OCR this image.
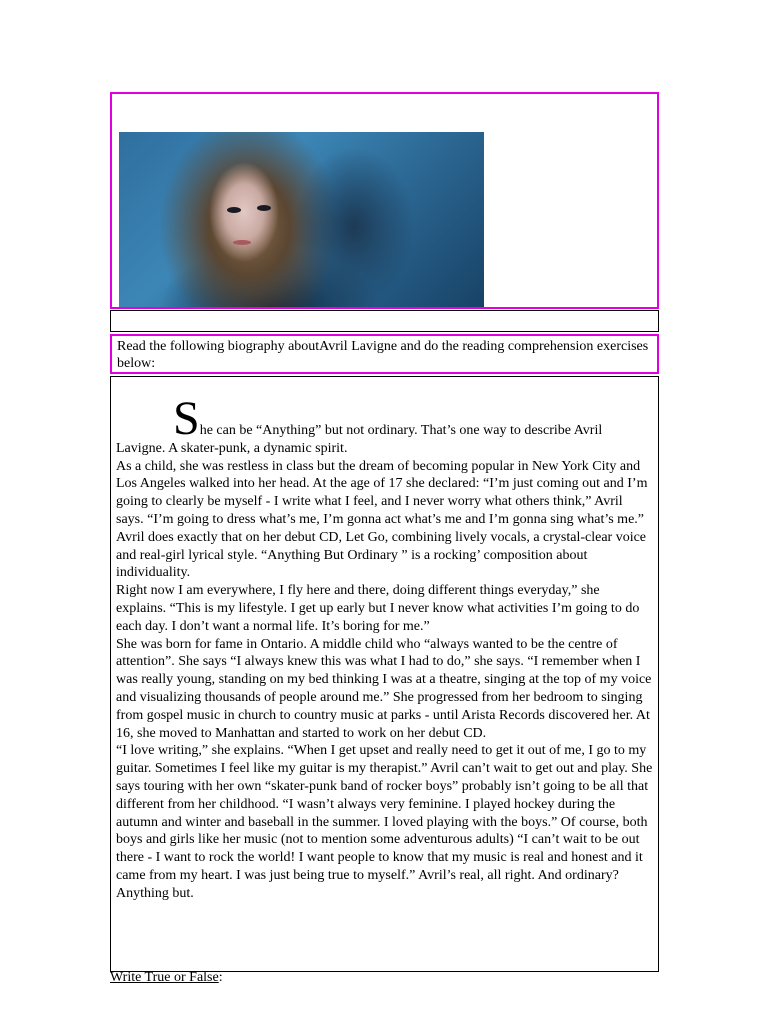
Read the following biography aboutAvril Lavigne and do the reading comprehension exercises below:

She can be “Anything” but not ordinary. That’s one way to describe Avril Lavigne. A skater-punk, a dynamic spirit.

As a child, she was restless in class but the dream of becoming popular in New York City and Los Angeles walked into her head. At the age of 17 she declared: “I’m just coming out and I’m going to clearly be myself - I write what I feel, and I never worry what others think,” Avril says. “I’m going to dress what’s me, I’m gonna act what’s me and I’m gonna sing what’s me.” Avril does exactly that on her debut CD, Let Go, combining lively vocals, a crystal-clear voice and real-girl lyrical style. “Anything But Ordinary ” is a rocking’ composition about individuality.

Right now I am everywhere, I fly here and there, doing different things everyday,” she explains. “This is my lifestyle. I get up early but I never know what activities I’m going to do each day. I don’t want a normal life. It’s boring for me.”

She was born for fame in Ontario. A middle child who “always wanted to be the centre of attention”. She says “I always knew this was what I had to do,” she says. “I remember when I was really young, standing on my bed thinking I was at a theatre, singing at the top of my voice and visualizing thousands of people around me.” She progressed from her bedroom to singing from gospel music in church to country music at parks - until Arista Records discovered her. At 16, she moved to Manhattan and started to work on her debut CD.

“I love writing,” she explains. “When I get upset and really need to get it out of me, I go to my guitar. Sometimes I feel like my guitar is my therapist.” Avril can’t wait to get out and play. She says touring with her own “skater-punk band of rocker boys” probably isn’t going to be all that different from her childhood. “I wasn’t always very feminine. I played hockey during the autumn and winter and baseball in the summer. I loved playing with the boys.” Of course, both boys and girls like her music (not to mention some adventurous adults) “I can’t wait to be out there - I want to rock the world! I want people to know that my music is real and honest and it came from my heart. I was just being true to myself.” Avril’s real, all right. And ordinary? Anything but.

Write True or False:
